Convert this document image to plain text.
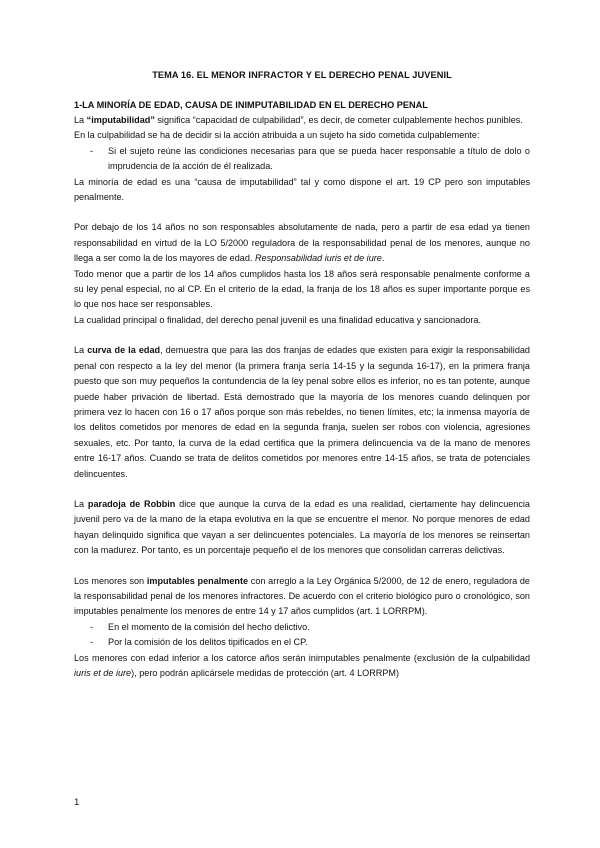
TEMA 16. EL MENOR INFRACTOR Y EL DERECHO PENAL JUVENIL
1-LA MINORÍA DE EDAD, CAUSA DE INIMPUTABILIDAD EN EL DERECHO PENAL

La “imputabilidad” significa “capacidad de culpabilidad”, es decir, de cometer culpablemente hechos punibles.

En la culpabilidad se ha de decidir si la acción atribuida a un sujeto ha sido cometida culpablemente:

- Si el sujeto reúne las condiciones necesarias para que se pueda hacer responsable a título de dolo o imprudencia de la acción de él realizada.

La minoría de edad es una “causa de imputabilidad” tal y como dispone el art. 19 CP pero son imputables penalmente.

Por debajo de los 14 años no son responsables absolutamente de nada, pero a partir de esa edad ya tienen responsabilidad en virtud de la LO 5/2000 reguladora de la responsabilidad penal de los menores, aunque no llega a ser como la de los mayores de edad. Responsabilidad iuris et de iure.

Todo menor que a partir de los 14 años cumplidos hasta los 18 años será responsable penalmente conforme a su ley penal especial, no al CP. En el criterio de la edad, la franja de los 18 años es super importante porque es lo que nos hace ser responsables.

La cualidad principal o finalidad, del derecho penal juvenil es una finalidad educativa y sancionadora.

La curva de la edad, demuestra que para las dos franjas de edades que existen para exigir la responsabilidad penal con respecto a la ley del menor (la primera franja sería 14-15 y la segunda 16-17), en la primera franja puesto que son muy pequeños la contundencia de la ley penal sobre ellos es inferior, no es tan potente, aunque puede haber privación de libertad. Está demostrado que la mayoría de los menores cuando delinquen por primera vez lo hacen con 16 o 17 años porque son más rebeldes, no tienen límites, etc; la inmensa mayoría de los delitos cometidos por menores de edad en la segunda franja, suelen ser robos con violencia, agresiones sexuales, etc. Por tanto, la curva de la edad certifica que la primera delincuencia va de la mano de menores entre 16-17 años. Cuando se trata de delitos cometidos por menores entre 14-15 años, se trata de potenciales delincuentes.

La paradoja de Robbin dice que aunque la curva de la edad es una realidad, ciertamente hay delincuencia juvenil pero va de la mano de la etapa evolutiva en la que se encuentre el menor. No porque menores de edad hayan delinquido significa que vayan a ser delincuentes potenciales. La mayoría de los menores se reinsertan con la madurez. Por tanto, es un porcentaje pequeño el de los menores que consolidan carreras delictivas.

Los menores son imputables penalmente con arreglo a la Ley Orgánica 5/2000, de 12 de enero, reguladora de la responsabilidad penal de los menores infractores. De acuerdo con el criterio biológico puro o cronológico, son imputables penalmente los menores de entre 14 y 17 años cumplidos (art. 1 LORRPM).

- En el momento de la comisión del hecho delictivo.
- Por la comisión de los delitos tipificados en el CP.

Los menores con edad inferior a los catorce años serán inimputables penalmente (exclusión de la culpabilidad iuris et de iure), pero podrán aplicársele medidas de protección (art. 4 LORRPM)

1
